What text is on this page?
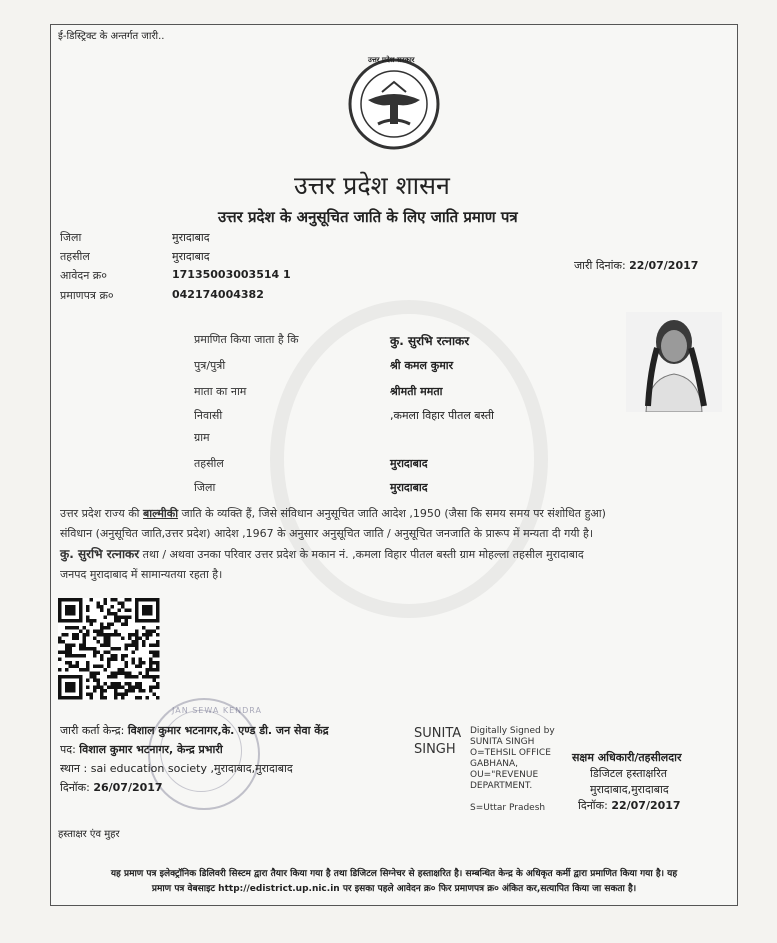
ई-डिस्ट्रिक्ट के अन्तर्गत जारी..
उत्तर प्रदेश सरकार
उत्तर प्रदेश शासन
उत्तर प्रदेश के अनुसूचित जाति के लिए जाति प्रमाण पत्र
जिला	मुरादाबाद
तहसील	मुरादाबाद
आवेदन क्र०	17135003003514 1
प्रमाणपत्र क्र०	042174004382
जारी दिनांक: 22/07/2017
प्रमाणित किया जाता है कि	कु. सुरभि रत्नाकर
पुत्र/पुत्री	श्री कमल कुमार
माता का नाम	श्रीमती ममता
निवासी	,कमला विहार पीतल बस्ती
ग्राम
तहसील	मुरादाबाद
जिला	मुरादाबाद
उत्तर प्रदेश राज्य की बाल्मीकी जाति के व्यक्ति हैं, जिसे संविधान अनुसूचित जाति आदेश ,1950 (जैसा कि समय समय पर संशोधित हुआ)
संविधान (अनुसूचित जाति,उत्तर प्रदेश) आदेश ,1967 के अनुसार अनुसूचित जाति / अनुसूचित जनजाति के प्रारूप में मन्यता दी गयी है।
कु. सुरभि रत्नाकर तथा / अथवा उनका परिवार उत्तर प्रदेश के मकान नं. ,कमला विहार पीतल बस्ती ग्राम मोहल्ला तहसील मुरादाबाद
जनपद मुरादाबाद में सामान्यतया रहता है।
JAN SEWA KENDRA
जारी कर्ता केन्द्र: विशाल कुमार भटनागर,के. एण्ड डी. जन सेवा केंद्र
पद: विशाल कुमार भटनागर, केन्द्र प्रभारी
स्थान : sai education society ,मुरादाबाद,मुरादाबाद
दिनॉक: 26/07/2017
SUNITA
SINGH
Digitally Signed by
SUNITA SINGH
O=TEHSIL OFFICE
GABHANA,
OU="REVENUE
DEPARTMENT.
S=Uttar Pradesh
सक्षम अधिकारी/तहसीलदार
डिजिटल हस्ताक्षरित
मुरादाबाद,मुरादाबाद
दिनॉक: 22/07/2017
हस्ताक्षर एंव मुहर
यह प्रमाण पत्र इलेक्ट्रॉनिक डिलिवरी सिस्टम द्वारा तैयार किया गया है तथा डिजिटल सिग्नेचर से हस्ताक्षरित है। सम्बन्धित केन्द्र के अधिकृत कर्मी द्वारा प्रमाणित किया गया है। यह
प्रमाण पत्र वेबसाइट http://edistrict.up.nic.in पर इसका पहले आवेदन क्र० फिर प्रमाणपत्र क्र० अंकित कर,सत्यापित किया जा सकता है।
